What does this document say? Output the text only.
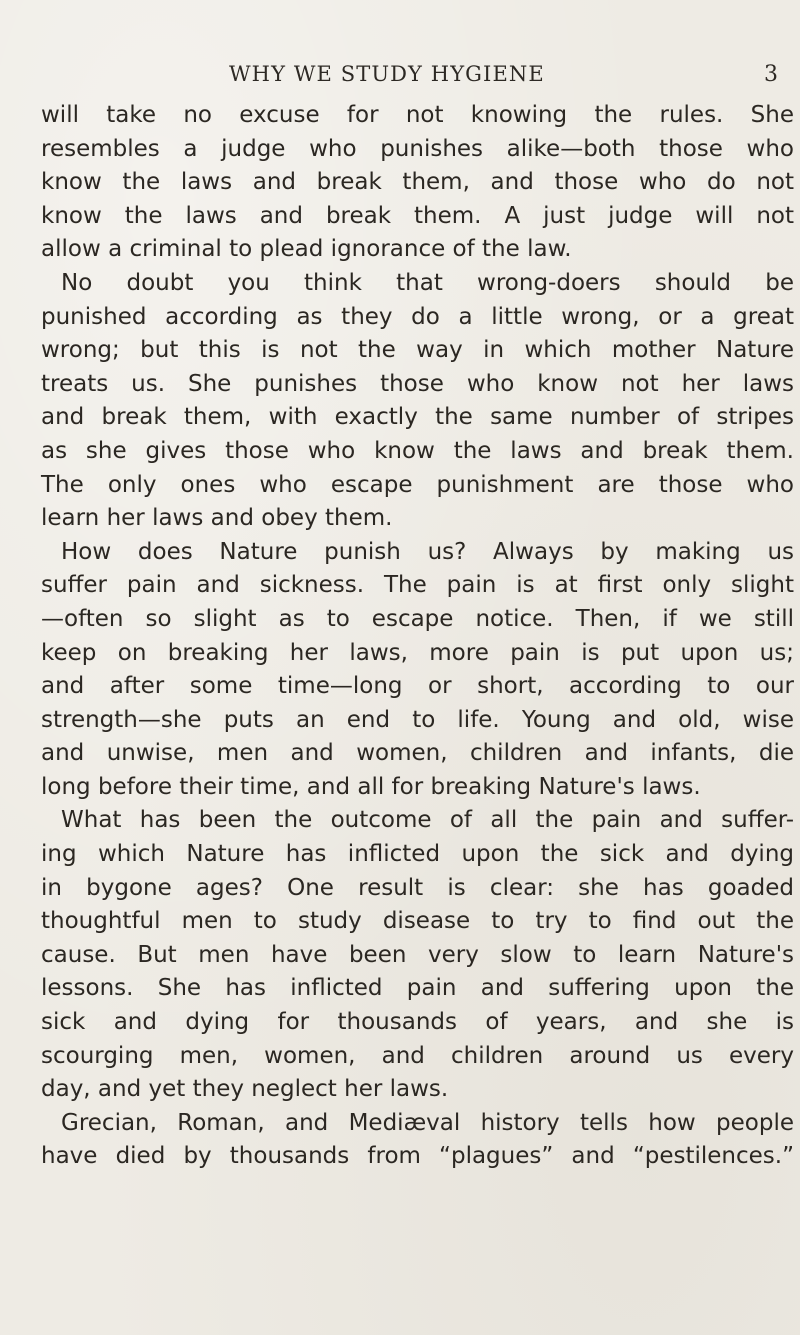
WHY WE STUDY HYGIENE	3
will take no excuse for not knowing the rules. She
resembles a judge who punishes alike—both those who
know the laws and break them, and those who do not
know the laws and break them. A just judge will not
allow a criminal to plead ignorance of the law.
No doubt you think that wrong-doers should be
punished according as they do a little wrong, or a great
wrong; but this is not the way in which mother Nature
treats us. She punishes those who know not her laws
and break them, with exactly the same number of stripes
as she gives those who know the laws and break them.
The only ones who escape punishment are those who
learn her laws and obey them.
How does Nature punish us? Always by making us
suffer pain and sickness. The pain is at first only slight
—often so slight as to escape notice. Then, if we still
keep on breaking her laws, more pain is put upon us;
and after some time—long or short, according to our
strength—she puts an end to life. Young and old, wise
and unwise, men and women, children and infants, die
long before their time, and all for breaking Nature's laws.
What has been the outcome of all the pain and suffer-
ing which Nature has inflicted upon the sick and dying
in bygone ages? One result is clear: she has goaded
thoughtful men to study disease to try to find out the
cause. But men have been very slow to learn Nature's
lessons. She has inflicted pain and suffering upon the
sick and dying for thousands of years, and she is
scourging men, women, and children around us every
day, and yet they neglect her laws.
Grecian, Roman, and Mediæval history tells how people
have died by thousands from “plagues” and “pestilences.”
